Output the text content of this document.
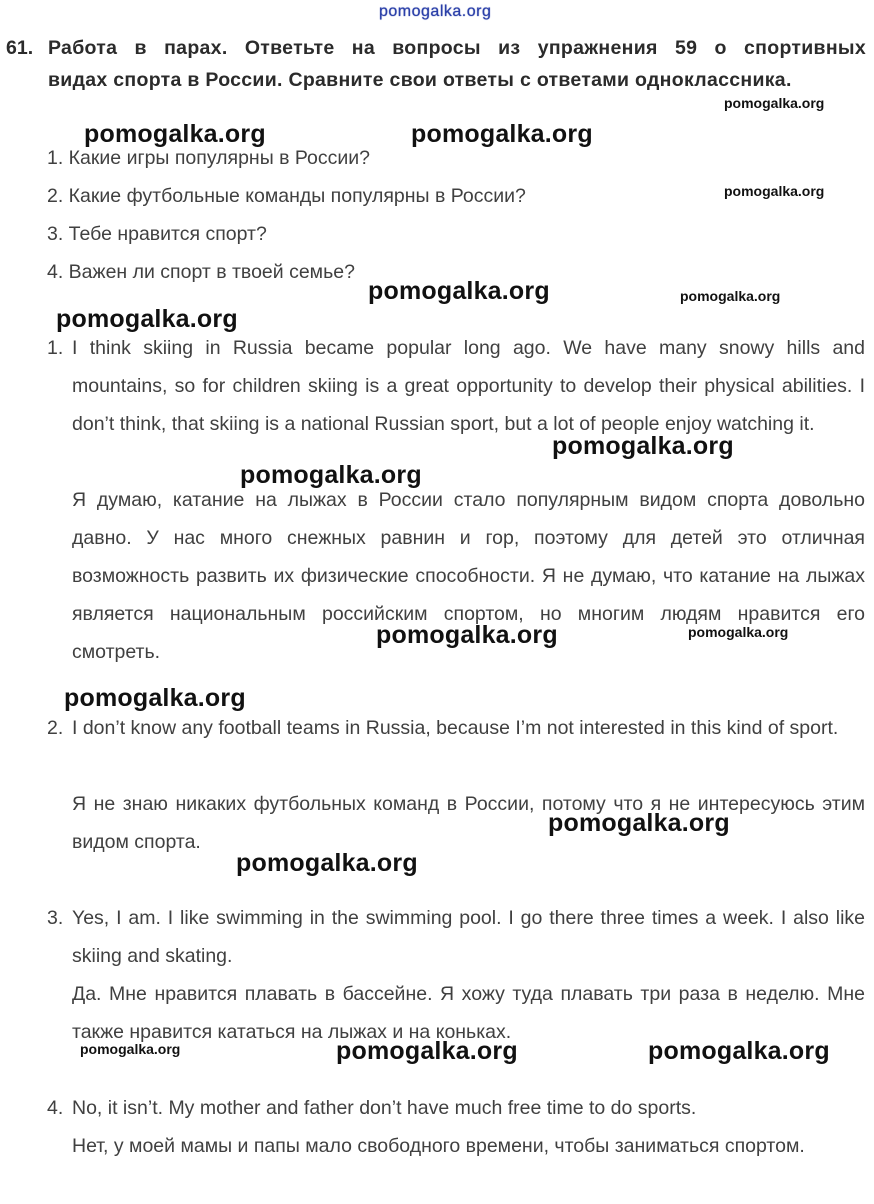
pomogalka.org
61. Работа в парах. Ответьте на вопросы из упражнения 59 о спортивных
видах спорта в России. Сравните свои ответы с ответами одноклассника.
1. Какие игры популярны в России?
2. Какие футбольные команды популярны в России?
3. Тебе нравится спорт?
4. Важен ли спорт в твоей семье?
1. I think skiing in Russia became popular long ago. We have many snowy hills and mountains, so for children skiing is a great opportunity to develop their physical abilities. I don’t think, that skiing is a national Russian sport, but a lot of people enjoy watching it.
Я думаю, катание на лыжах в России стало популярным видом спорта довольно давно. У нас много снежных равнин и гор, поэтому для детей это отличная возможность развить их физические способности. Я не думаю, что катание на лыжах является национальным российским спортом, но многим людям нравится его смотреть.
2. I don’t know any football teams in Russia, because I’m not interested in this kind of sport.
Я не знаю никаких футбольных команд в России, потому что я не интересуюсь этим видом спорта.
3. Yes, I am. I like swimming in the swimming pool. I go there three times a week. I also like skiing and skating.
Да. Мне нравится плавать в бассейне. Я хожу туда плавать три раза в неделю. Мне также нравится кататься на лыжах и на коньках.
4. No, it isn’t. My mother and father don’t have much free time to do sports.
Нет, у моей мамы и папы мало свободного времени, чтобы заниматься спортом.
pomogalka.org	pomogalka.org
pomogalka.org
pomogalka.org
pomogalka.org	pomogalka.org
pomogalka.org
pomogalka.org
pomogalka.org
pomogalka.org	pomogalka.org
pomogalka.org
pomogalka.org
pomogalka.org
pomogalka.org	pomogalka.org	pomogalka.org
